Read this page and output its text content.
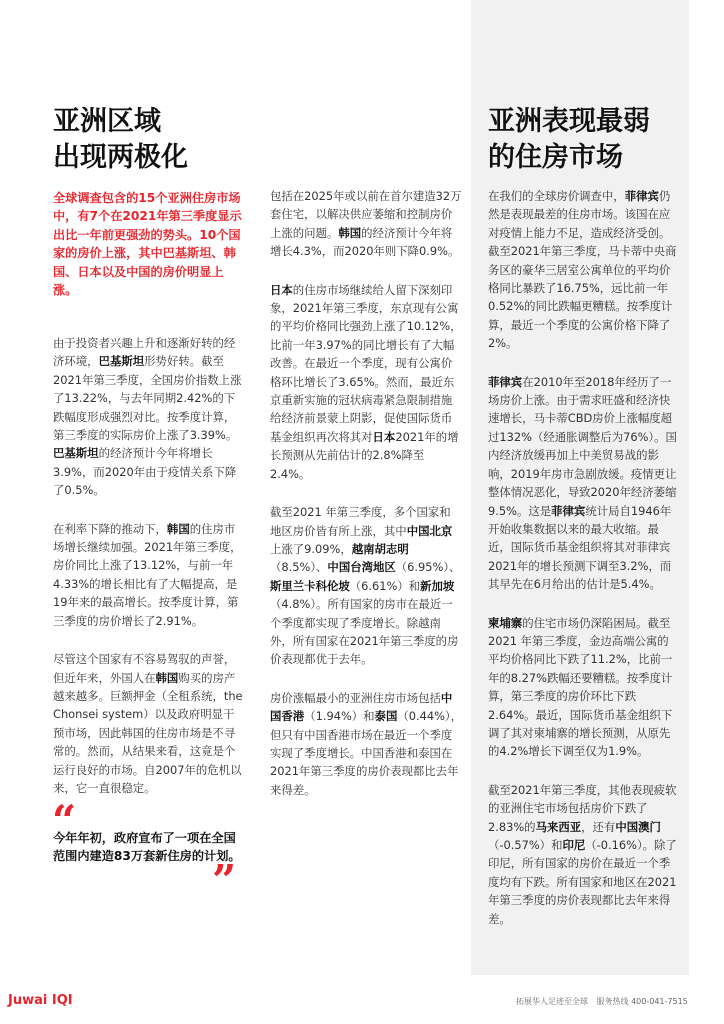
亚洲区域
出现两极化

全球调查包含的15个亚洲住房市场中，有7个在2021年第三季度显示出比一年前更强劲的势头。10个国家的房价上涨，其中巴基斯坦、韩国、日本以及中国的房价明显上涨。

由于投资者兴趣上升和逐渐好转的经济环境，巴基斯坦形势好转。截至2021年第三季度，全国房价指数上涨了13.22%，与去年同期2.42%的下跌幅度形成强烈对比。按季度计算，第三季度的实际房价上涨了3.39%。巴基斯坦的经济预计今年将增长3.9%，而2020年由于疫情关系下降了0.5%。

在利率下降的推动下，韩国的住房市场增长继续加强。2021年第三季度，房价同比上涨了13.12%，与前一年4.33%的增长相比有了大幅提高，是19年来的最高增长。按季度计算，第三季度的房价增长了2.91%。

尽管这个国家有不容易驾驭的声誉，但近年来，外国人在韩国购买的房产越来越多。巨额押金（全租系统，the Chonsei system）以及政府明显干预市场，因此韩国的住房市场是不寻常的。然而，从结果来看，这竟是个运行良好的市场。自2007年的危机以来，它一直很稳定。

“

今年年初，政府宣布了一项在全国范围内建造83万套新住房的计划。

”

包括在2025年或以前在首尔建造32万套住宅，以解决供应萎缩和控制房价上涨的问题。韩国的经济预计今年将增长4.3%，而2020年则下降0.9%。

日本的住房市场继续给人留下深刻印象，2021年第三季度，东京现有公寓的平均价格同比强劲上涨了10.12%，比前一年3.97%的同比增长有了大幅改善。在最近一个季度，现有公寓价格环比增长了3.65%。然而，最近东京重新实施的冠状病毒紧急限制措施给经济前景蒙上阴影，促使国际货币基金组织再次将其对日本2021年的增长预测从先前估计的2.8%降至2.4%。

截至2021 年第三季度，多个国家和地区房价皆有所上涨，其中中国北京上涨了9.09%，越南胡志明（8.5%）、中国台湾地区（6.95%）、斯里兰卡科伦坡（6.61%）和新加坡（4.8%）。所有国家的房市在最近一个季度都实现了季度增长。除越南外，所有国家在2021年第三季度的房价表现都优于去年。

房价涨幅最小的亚洲住房市场包括中国香港（1.94%）和泰国（0.44%），但只有中国香港市场在最近一个季度实现了季度增长。中国香港和泰国在2021年第三季度的房价表现都比去年来得差。

亚洲表现最弱
的住房市场

在我们的全球房价调查中，菲律宾仍然是表现最差的住房市场。该国在应对疫情上能力不足，造成经济受创。截至2021年第三季度，马卡蒂中央商务区的豪华三居室公寓单位的平均价格同比暴跌了16.75%，远比前一年0.52%的同比跌幅更糟糕。按季度计算，最近一个季度的公寓价格下降了2%。

菲律宾在2010年至2018年经历了一场房价上涨。由于需求旺盛和经济快速增长，马卡蒂CBD房价上涨幅度超过132%（经通胀调整后为76%）。国内经济放缓再加上中美贸易战的影响，2019年房市急剧放缓。疫情更让整体情况恶化，导致2020年经济萎缩9.5%。这是菲律宾统计局自1946年开始收集数据以来的最大收缩。最近，国际货币基金组织将其对菲律宾2021年的增长预测下调至3.2%，而其早先在6月给出的估计是5.4%。

柬埔寨的住宅市场仍深陷困局。截至2021 年第三季度，金边高端公寓的平均价格同比下跌了11.2%，比前一年的8.27%跌幅还要糟糕。按季度计算，第三季度的房价环比下跌2.64%。最近，国际货币基金组织下调了其对柬埔寨的增长预测，从原先的4.2%增长下调至仅为1.9%。

截至2021年第三季度，其他表现疲软的亚洲住宅市场包括房价下跌了2.83%的马来西亚，还有中国澳门（-0.57%）和印尼（-0.16%）。除了印尼，所有国家的房价在最近一个季度均有下跌。所有国家和地区在2021年第三季度的房价表现都比去年来得差。

Juwai IQI	拓展华人足迹至全球 服务热线 400-041-7515
